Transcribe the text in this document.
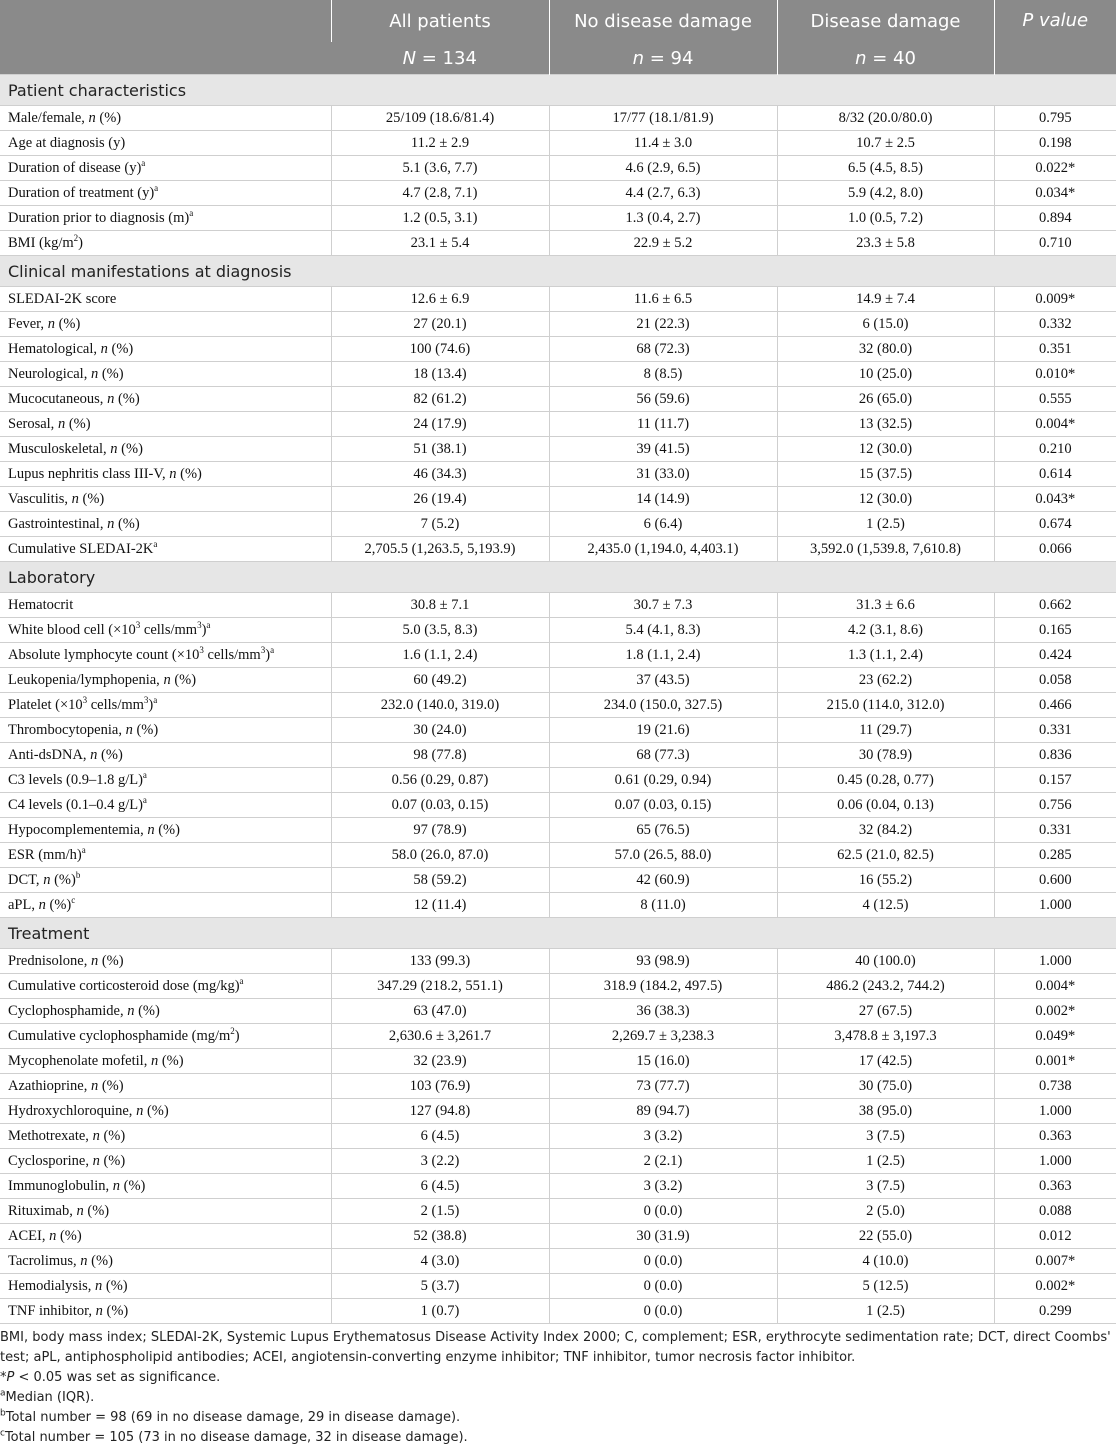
	All patients	No disease damage	Disease damage	P value
	N = 134	n = 94	n = 40	
Patient characteristics				
Male/female, n (%)	25/109 (18.6/81.4)	17/77 (18.1/81.9)	8/32 (20.0/80.0)	0.795
Age at diagnosis (y)	11.2 ± 2.9	11.4 ± 3.0	10.7 ± 2.5	0.198
Duration of disease $(y)^a$	5.1 (3.6, 7.7)	4.6 (2.9, 6.5)	6.5 (4.5, 8.5)	0.022*
Duration of treatment $(y)^a$	4.7 (2.8, 7.1)	4.4 (2.7, 6.3)	5.9 (4.2, 8.0)	0.034*
Duration prior to diagnosis $(m)^a$	1.2 (0.5, 3.1)	1.3 (0.4, 2.7)	1.0 (0.5, 7.2)	0.894
BMI $(kg/m^2)$	23.1 ± 5.4	22.9 ± 5.2	23.3 ± 5.8	0.710
Clinical manifestations at diagnosis				
SLEDAI-2K score	12.6 ± 6.9	11.6 ± 6.5	14.9 ± 7.4	0.009*
Fever, n (%)	27 (20.1)	21 (22.3)	6 (15.0)	0.332
Hematological, n (%)	100 (74.6)	68 (72.3)	32 (80.0)	0.351
Neurological, n (%)	18 (13.4)	8 (8.5)	10 (25.0)	0.010*
Mucocutaneous, n (%)	82 (61.2)	56 (59.6)	26 (65.0)	0.555
Serosal, n (%)	24 (17.9)	11 (11.7)	13 (32.5)	0.004*
Musculoskeletal, n (%)	51 (38.1)	39 (41.5)	12 (30.0)	0.210
Lupus nephritis class III-V, n (%)	46 (34.3)	31 (33.0)	15 (37.5)	0.614
Vasculitis, n (%)	26 (19.4)	14 (14.9)	12 (30.0)	0.043*
Gastrointestinal, n (%)	7 (5.2)	6 (6.4)	1 (2.5)	0.674
Cumulative SLEDAI-$2K^a$	2,705.5 (1,263.5, 5,193.9)	2,435.0 (1,194.0, 4,403.1)	3,592.0 (1,539.8, 7,610.8)	0.066
Laboratory				
Hematocrit	30.8 ± 7.1	30.7 ± 7.3	31.3 ± 6.6	0.662
White blood cell ($\times 10^3$ cells/$mm^3)^a$	5.0 (3.5, 8.3)	5.4 (4.1, 8.3)	4.2 (3.1, 8.6)	0.165
Absolute lymphocyte count ($\times 10^3$ cells/$mm^3)^a$	1.6 (1.1, 2.4)	1.8 (1.1, 2.4)	1.3 (1.1, 2.4)	0.424
Leukopenia/lymphopenia, n (%)	60 (49.2)	37 (43.5)	23 (62.2)	0.058
Platelet ($\times 10^3$ cells/$mm^3)^a$	232.0 (140.0, 319.0)	234.0 (150.0, 327.5)	215.0 (114.0, 312.0)	0.466
Thrombocytopenia, n (%)	30 (24.0)	19 (21.6)	11 (29.7)	0.331
Anti-dsDNA, n (%)	98 (77.8)	68 (77.3)	30 (78.9)	0.836
C3 levels (0.9–1.8 g/L)$^a$	0.56 (0.29, 0.87)	0.61 (0.29, 0.94)	0.45 (0.28, 0.77)	0.157
C4 levels (0.1–0.4 g/L)$^a$	0.07 (0.03, 0.15)	0.07 (0.03, 0.15)	0.06 (0.04, 0.13)	0.756
Hypocomplementemia, n (%)	97 (78.9)	65 (76.5)	32 (84.2)	0.331
ESR $(mm/h)^a$	58.0 (26.0, 87.0)	57.0 (26.5, 88.0)	62.5 (21.0, 82.5)	0.285
DCT, n (%)$^b$	58 (59.2)	42 (60.9)	16 (55.2)	0.600
aPL, n (%)$^c$	12 (11.4)	8 (11.0)	4 (12.5)	1.000
Treatment				
Prednisolone, n (%)	133 (99.3)	93 (98.9)	40 (100.0)	1.000
Cumulative corticosteroid dose $(mg/kg)^a$	347.29 (218.2, 551.1)	318.9 (184.2, 497.5)	486.2 (243.2, 744.2)	0.004*
Cyclophosphamide, n (%)	63 (47.0)	36 (38.3)	27 (67.5)	0.002*
Cumulative cyclophosphamide $(mg/m^2)$	2,630.6 ± 3,261.7	2,269.7 ± 3,238.3	3,478.8 ± 3,197.3	0.049*
Mycophenolate mofetil, n (%)	32 (23.9)	15 (16.0)	17 (42.5)	0.001*
Azathioprine, n (%)	103 (76.9)	73 (77.7)	30 (75.0)	0.738
Hydroxychloroquine, n (%)	127 (94.8)	89 (94.7)	38 (95.0)	1.000
Methotrexate, n (%)	6 (4.5)	3 (3.2)	3 (7.5)	0.363
Cyclosporine, n (%)	3 (2.2)	2 (2.1)	1 (2.5)	1.000
Immunoglobulin, n (%)	6 (4.5)	3 (3.2)	3 (7.5)	0.363
Rituximab, n (%)	2 (1.5)	0 (0.0)	2 (5.0)	0.088
ACEI, n (%)	52 (38.8)	30 (31.9)	22 (55.0)	0.012
Tacrolimus, n (%)	4 (3.0)	0 (0.0)	4 (10.0)	0.007*
Hemodialysis, n (%)	5 (3.7)	0 (0.0)	5 (12.5)	0.002*
TNF inhibitor, n (%)	1 (0.7)	0 (0.0)	1 (2.5)	0.299

BMI, body mass index; SLEDAI-2K, Systemic Lupus Erythematosus Disease Activity Index 2000; C, complement; ESR, erythrocyte sedimentation rate; DCT, direct Coombs' test; aPL, antiphospholipid antibodies; ACEI, angiotensin-converting enzyme inhibitor; TNF inhibitor, tumor necrosis factor inhibitor.

*P < 0.05 was set as significance.

$^a$Median (IQR).

$^b$Total number = 98 (69 in no disease damage, 29 in disease damage).

$^c$Total number = 105 (73 in no disease damage, 32 in disease damage).
